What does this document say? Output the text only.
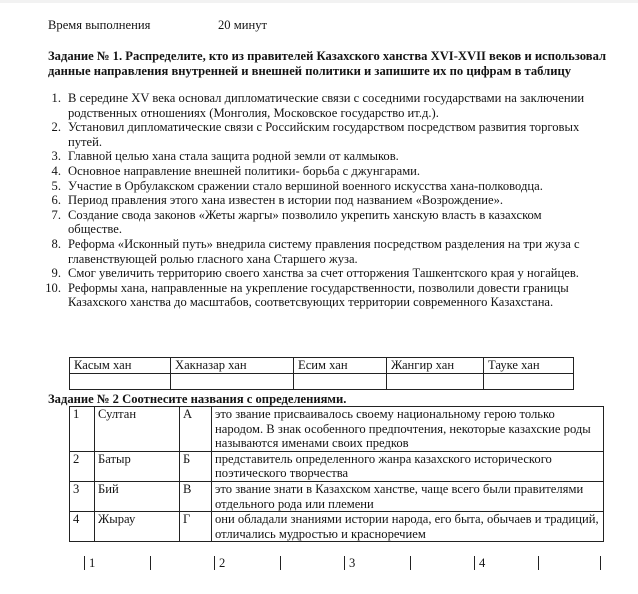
Время выполнения	20 минут
Задание № 1. Распределите, кто из правителей Казахского ханства XVI-XVII веков и использовал данные направления внутренней и внешней политики и запишите их по цифрам в таблицу
1. В середине XV века основал дипломатические связи с соседними государствами на заключении родственных отношениях (Монголия, Московское государство ит.д.).
2. Установил дипломатические связи с Российским государством посредством развития торговых путей.
3. Главной целью хана стала защита родной земли от калмыков.
4. Основное направление внешней политики- борьба с джунгарами.
5. Участие в Орбулакском сражении стало вершиной военного искусства хана-полководца.
6. Период правления этого хана известен в истории под названием «Возрождение».
7. Создание свода законов «Жеты жаргы» позволило укрепить ханскую власть в казахском обществе.
8. Реформа «Исконный путь» внедрила систему правления посредством разделения на три жуза с главенствующей ролью гласного хана Старшего жуза.
9. Смог увеличить территорию своего ханства за счет отторжения Ташкентского края у ногайцев.
10. Реформы хана, направленные на укрепление государственности, позволили довести границы Казахского ханства до масштабов, соответсвующих территории современного Казахстана.
Касым хан	Хакназар хан	Есим хан	Жангир хан	Тауке хан

Задание № 2 Соотнесите названия с определениями.
1	Султан	А	это звание присваивалось своему национальному герою только народом. В знак особенного предпочтения, некоторые казахские роды называются именами своих предков
2	Батыр	Б	представитель определенного жанра казахского исторического поэтического творчества
3	Бий	В	это звание знати в Казахском ханстве, чаще всего были правителями отдельного рода или племени
4	Жырау	Г	они обладали знаниями истории народа, его быта, обычаев и традиций, отличались мудростью и красноречием
1	2	3	4
